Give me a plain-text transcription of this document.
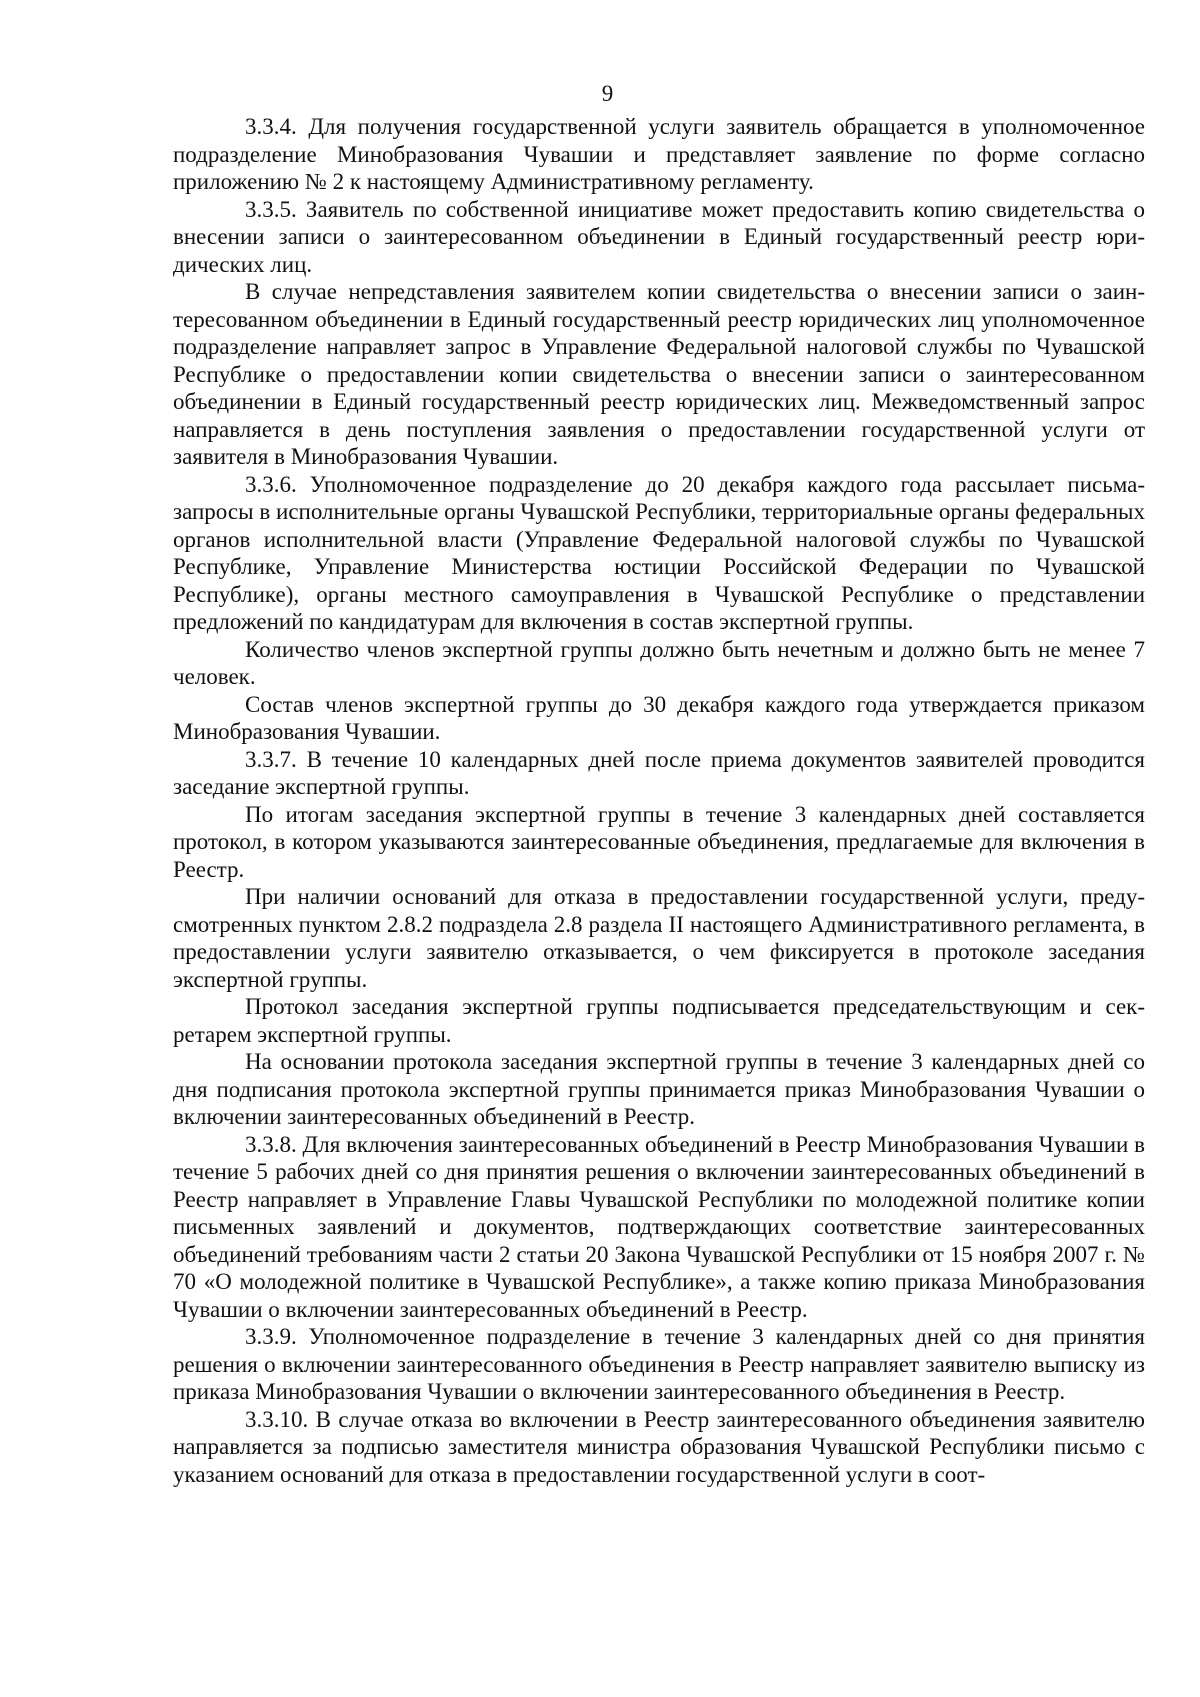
9

3.3.4. Для получения государственной услуги заявитель обращается в уполномоченное подразделение Минобразования Чувашии и представляет заявление по форме согласно приложению № 2 к настоящему Административному регламенту.

3.3.5. Заявитель по собственной инициативе может предоставить копию свидетельства о внесении записи о заинтересованном объединении в Единый государственный реестр юридических лиц.

В случае непредставления заявителем копии свидетельства о внесении записи о заинтересованном объединении в Единый государственный реестр юридических лиц уполномоченное подразделение направляет запрос в Управление Федеральной налоговой службы по Чувашской Республике о предоставлении копии свидетельства о внесении записи о заинтересованном объединении в Единый государственный реестр юридических лиц. Межведомственный запрос направляется в день поступления заявления о предоставлении государственной услуги от заявителя в Минобразования Чувашии.

3.3.6. Уполномоченное подразделение до 20 декабря каждого года рассылает письма-запросы в исполнительные органы Чувашской Республики, территориальные органы федеральных органов исполнительной власти (Управление Федеральной налоговой службы по Чувашской Республике, Управление Министерства юстиции Российской Федерации по Чувашской Республике), органы местного самоуправления в Чувашской Республике о представлении предложений по кандидатурам для включения в состав экспертной группы.

Количество членов экспертной группы должно быть нечетным и должно быть не менее 7 человек.

Состав членов экспертной группы до 30 декабря каждого года утверждается приказом Минобразования Чувашии.

3.3.7. В течение 10 календарных дней после приема документов заявителей проводится заседание экспертной группы.

По итогам заседания экспертной группы в течение 3 календарных дней составляется протокол, в котором указываются заинтересованные объединения, предлагаемые для включения в Реестр.

При наличии оснований для отказа в предоставлении государственной услуги, предусмотренных пунктом 2.8.2 подраздела 2.8 раздела II настоящего Административного регламента, в предоставлении услуги заявителю отказывается, о чем фиксируется в протоколе заседания экспертной группы.

Протокол заседания экспертной группы подписывается председательствующим и секретарем экспертной группы.

На основании протокола заседания экспертной группы в течение 3 календарных дней со дня подписания протокола экспертной группы принимается приказ Минобразования Чувашии о включении заинтересованных объединений в Реестр.

3.3.8. Для включения заинтересованных объединений в Реестр Минобразования Чувашии в течение 5 рабочих дней со дня принятия решения о включении заинтересованных объединений в Реестр направляет в Управление Главы Чувашской Республики по молодежной политике копии письменных заявлений и документов, подтверждающих соответствие заинтересованных объединений требованиям части 2 статьи 20 Закона Чувашской Республики от 15 ноября 2007 г. № 70 «О молодежной политике в Чувашской Республике», а также копию приказа Минобразования Чувашии о включении заинтересованных объединений в Реестр.

3.3.9. Уполномоченное подразделение в течение 3 календарных дней со дня принятия решения о включении заинтересованного объединения в Реестр направляет заявителю выписку из приказа Минобразования Чувашии о включении заинтересованного объединения в Реестр.

3.3.10. В случае отказа во включении в Реестр заинтересованного объединения заявителю направляется за подписью заместителя министра образования Чувашской Республики письмо с указанием оснований для отказа в предоставлении государственной услуги в соот-
